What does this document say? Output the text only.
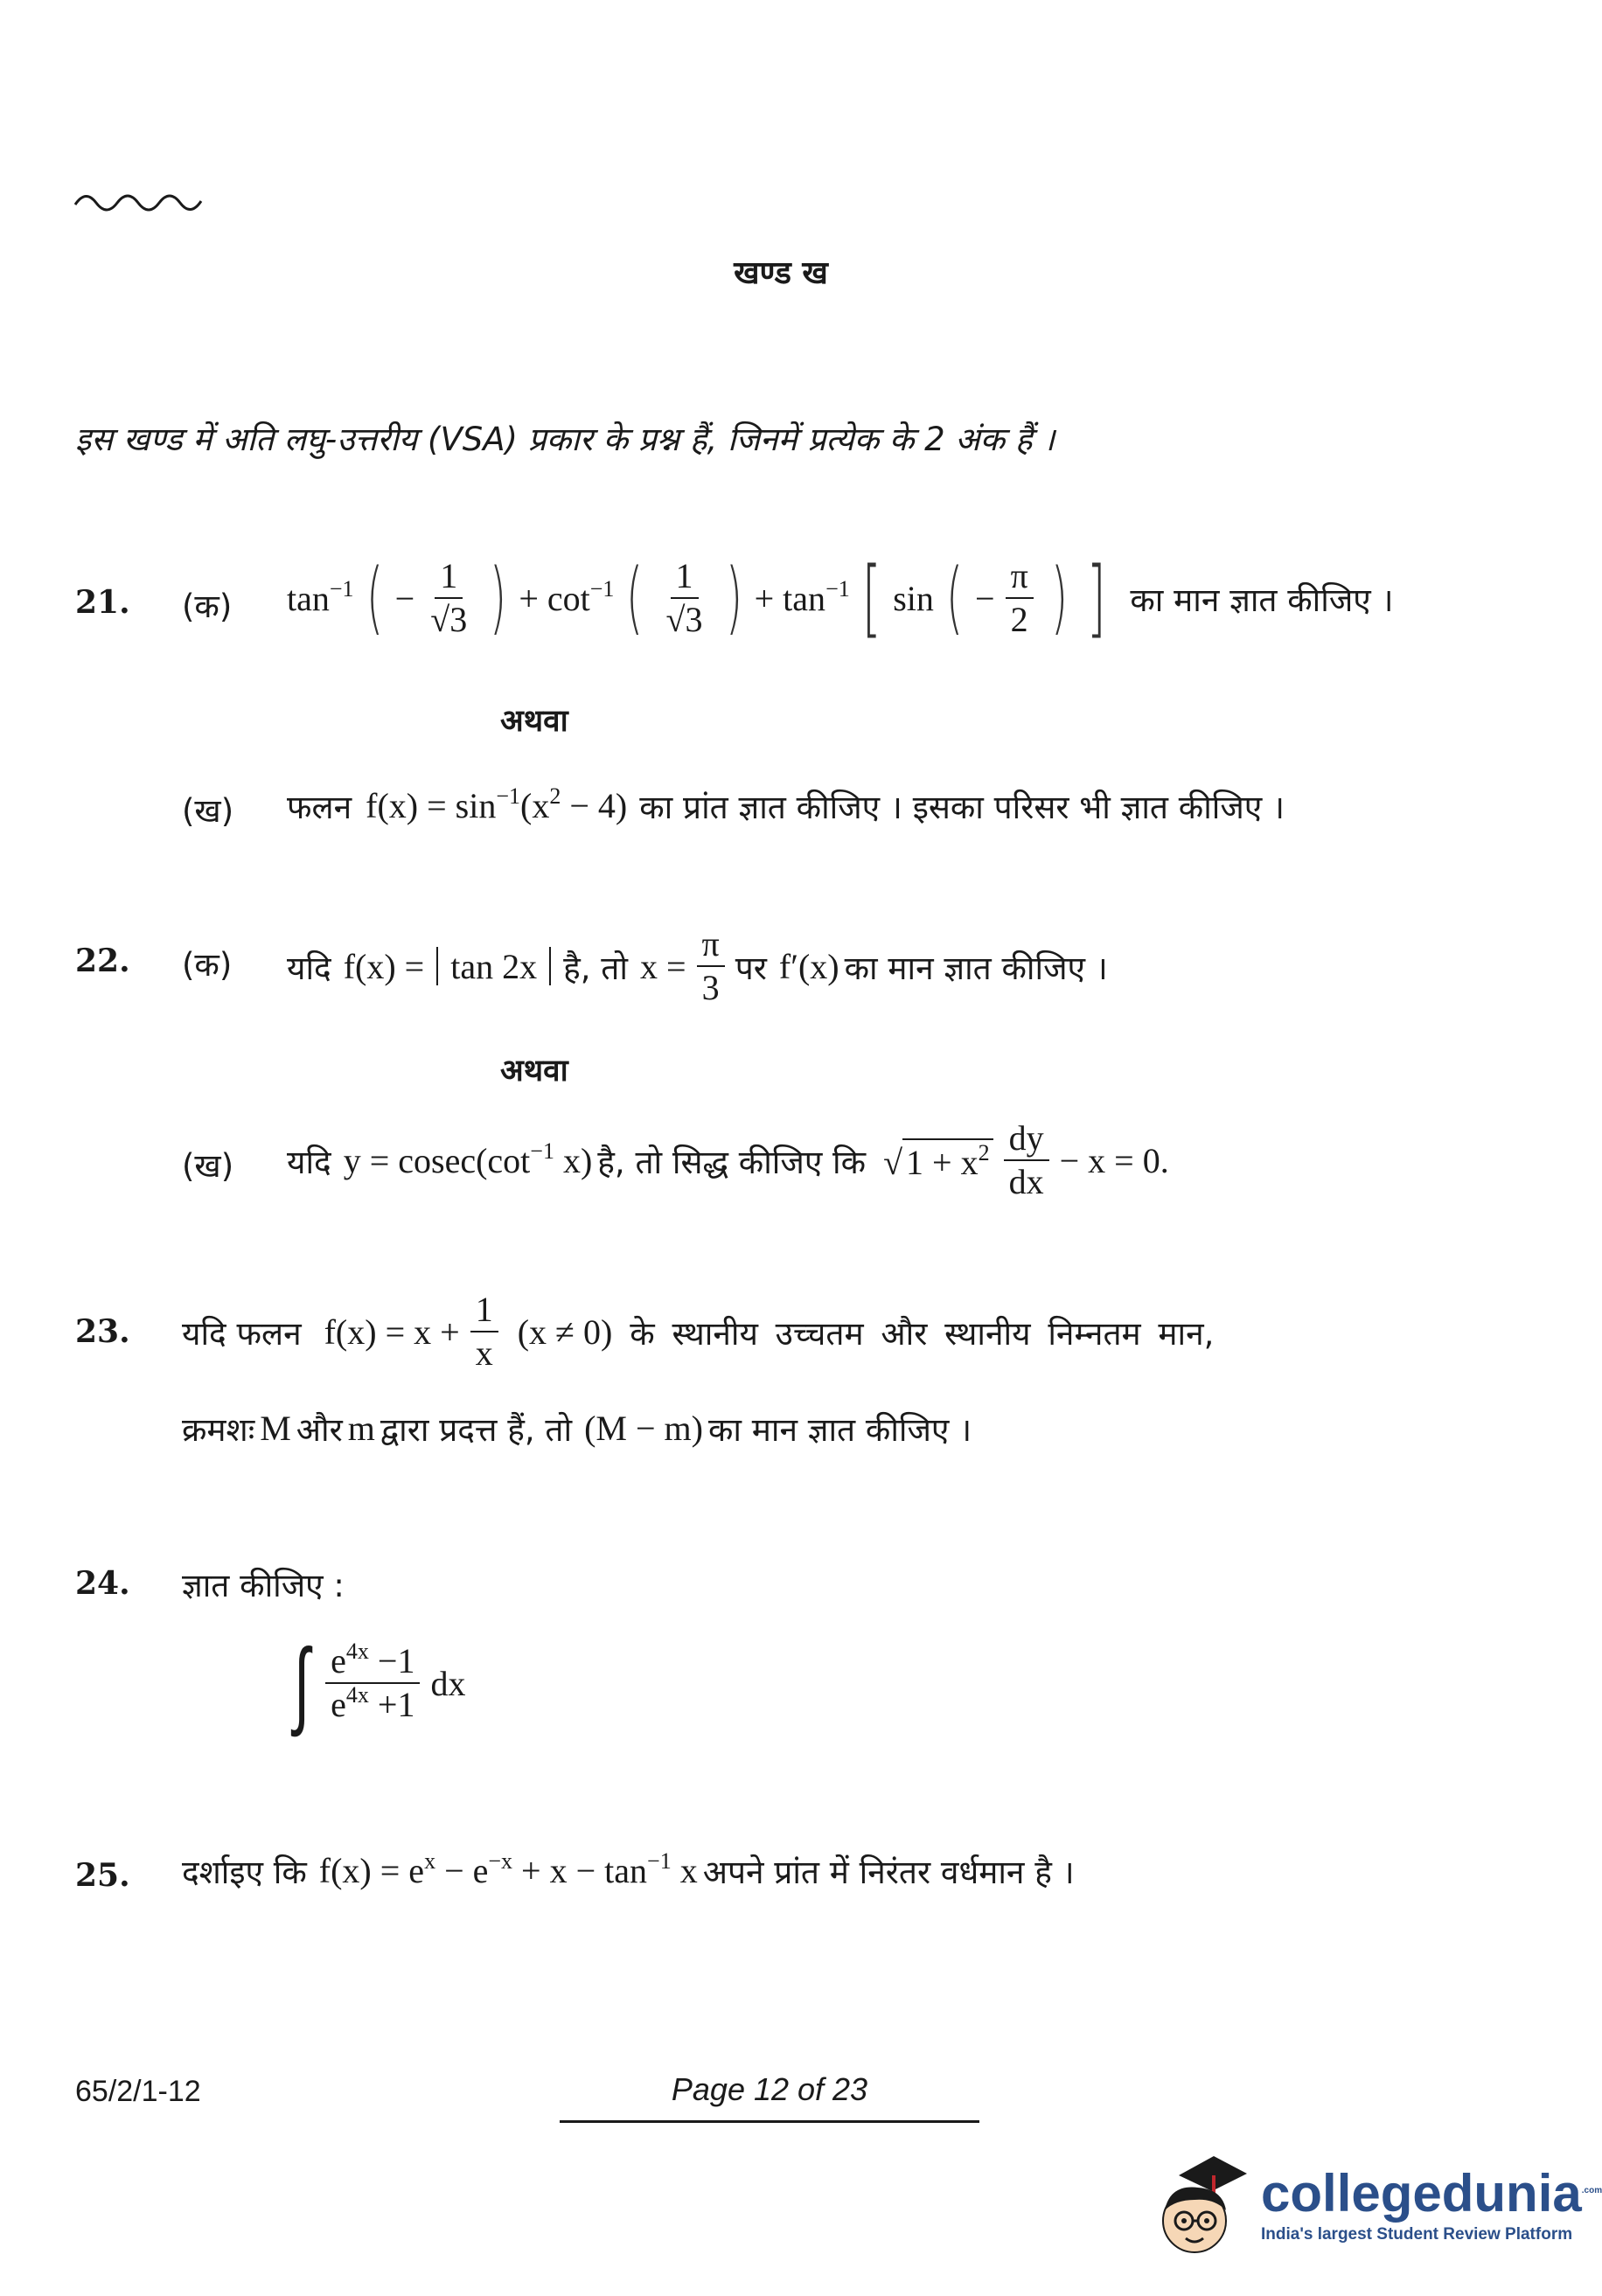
खण्ड ख
इस खण्ड में अति लघु-उत्तरीय (VSA) प्रकार के प्रश्न हैं, जिनमें प्रत्येक के 2 अंक हैं ।
21. (क) $\tan^{-1}$ ( − $\frac{1}{√3}$ ) + $\cot^{-1}$ ( $\frac{1}{√3}$ ) + $\tan^{-1}$ [ sin ( − $\frac{\pi}{2}$ ) ] का मान ज्ञात कीजिए ।
अथवा
(ख) फलन $f(x) = \sin^{-1}(x^2 - 4)$ का प्रांत ज्ञात कीजिए । इसका परिसर भी ज्ञात कीजिए ।
22. (क) यदि f(x) = tan 2x है, तो $x = \frac{\pi}{3}$ पर f′(x) का मान ज्ञात कीजिए ।
अथवा
(ख) यदि $y = cosec(\cot^{-1}$ x) है, तो सिद्ध कीजिए कि √ $1 + x^2 \frac{dy}{dx} - x = 0$.
23. यदि फलन $f(x) = x + \frac{1}{x} (x \ne 0)$ के स्थानीय उच्चतम और स्थानीय निम्नतम मान,
क्रमशः M और m द्वारा प्रदत्त हैं, तो (M − m) का मान ज्ञात कीजिए ।
24. ज्ञात कीजिए :
∫ $\frac{e^{4x} -1}{e^{4x} +1}$ dx
25. दर्शाइए कि $f(x) = e^x - e^{-x} + x - \tan^{-1} x$ अपने प्रांत में निरंतर वर्धमान है ।
65/2/1-12	Page 12 of 23
collegedunia$^{.com}$
India's largest Student Review Platform
